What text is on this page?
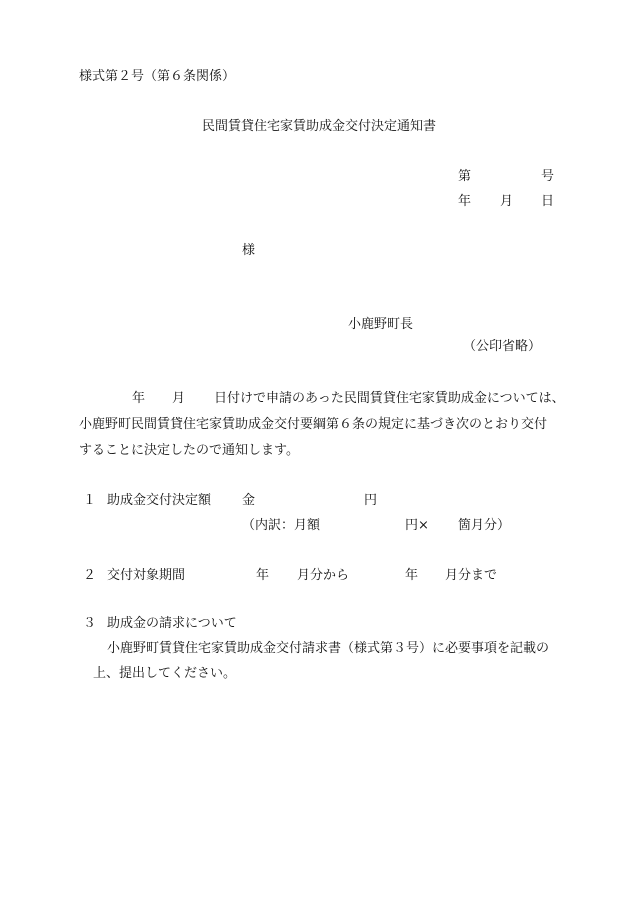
様式第２号（第６条関係）
民間賃貸住宅家賃助成金交付決定通知書
第	号
年 月 日
様
小鹿野町長
（公印省略）
年 月 日付けで申請のあった民間賃貸住宅家賃助成金については、
小鹿野町民間賃貸住宅家賃助成金交付要綱第６条の規定に基づき次のとおり交付
することに決定したので通知します。
１ 助成金交付決定額 金	円
（内訳：月額	円× 箇月分）
２ 交付対象期間	年 月分から	年 月分まで
３ 助成金の請求について
小鹿野町賃貸住宅家賃助成金交付請求書（様式第３号）に必要事項を記載の
上、提出してください。
